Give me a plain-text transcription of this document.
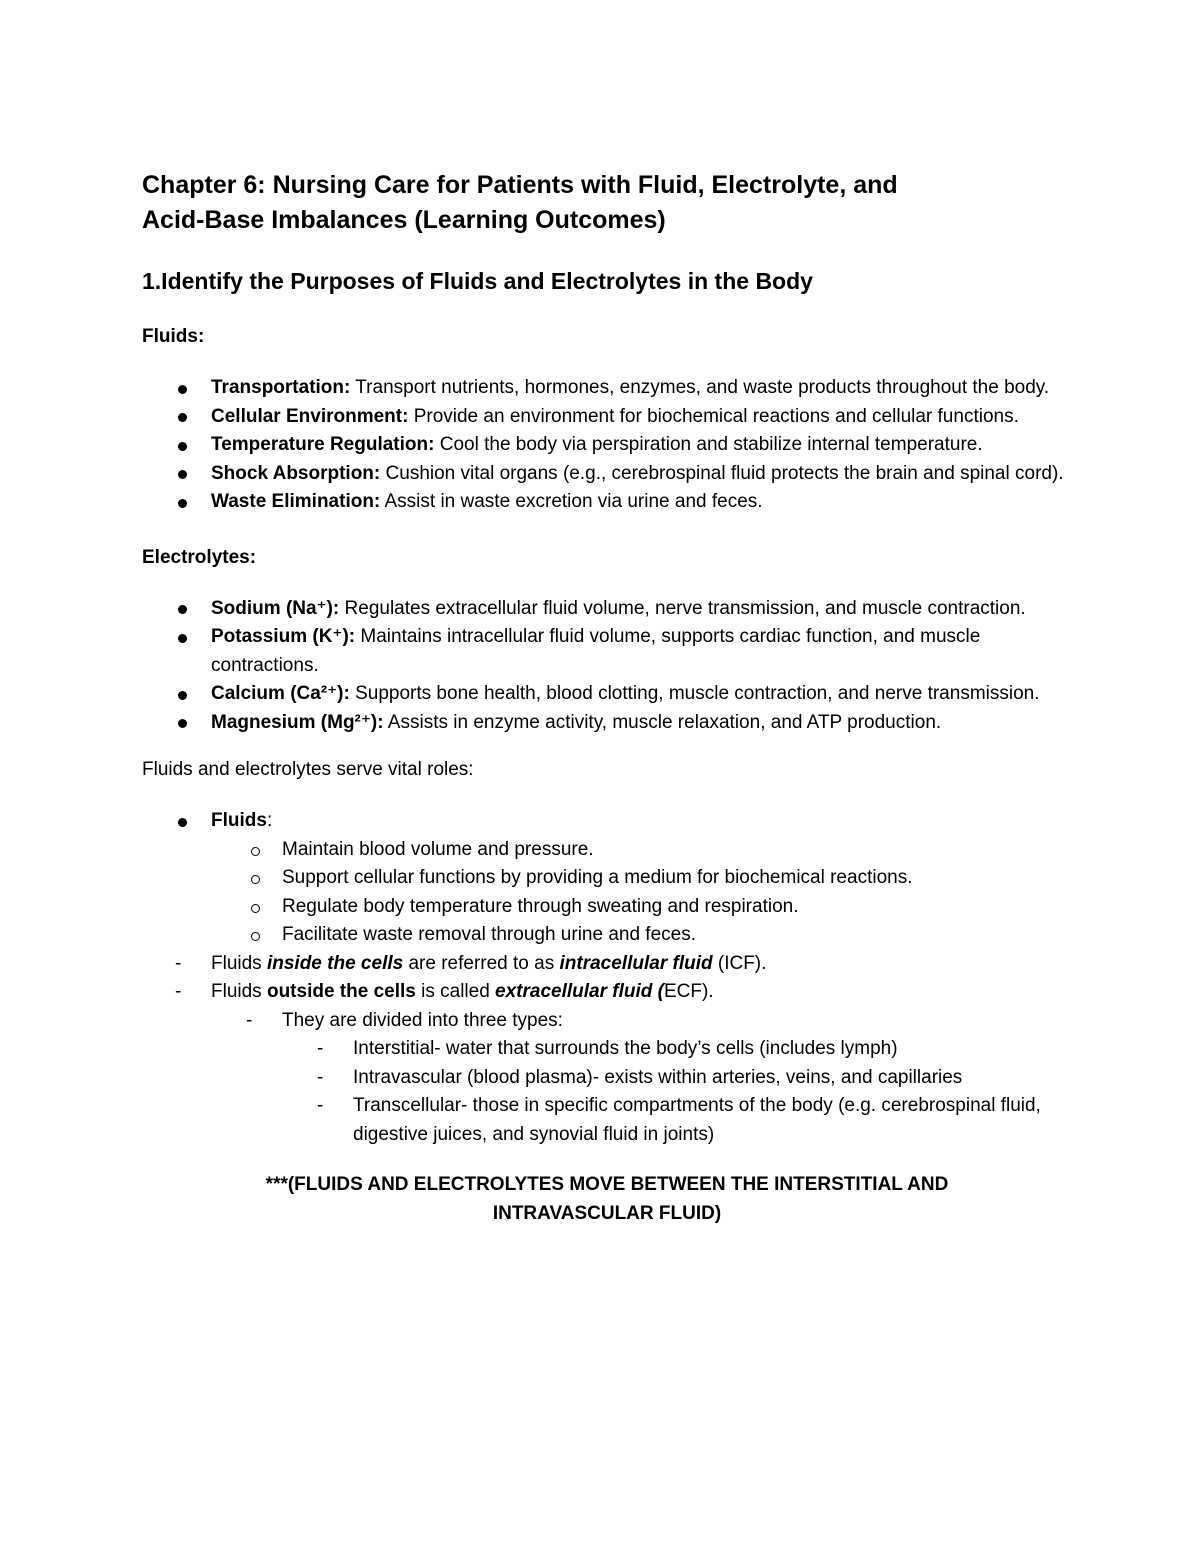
Chapter 6: Nursing Care for Patients with Fluid, Electrolyte, and
Acid-Base Imbalances (Learning Outcomes)
1.Identify the Purposes of Fluids and Electrolytes in the Body
Fluids:
Transportation: Transport nutrients, hormones, enzymes, and waste products throughout the body.
Cellular Environment: Provide an environment for biochemical reactions and cellular functions.
Temperature Regulation: Cool the body via perspiration and stabilize internal temperature.
Shock Absorption: Cushion vital organs (e.g., cerebrospinal fluid protects the brain and spinal cord).
Waste Elimination: Assist in waste excretion via urine and feces.
Electrolytes:
Sodium (Na⁺): Regulates extracellular fluid volume, nerve transmission, and muscle contraction.
Potassium (K⁺): Maintains intracellular fluid volume, supports cardiac function, and muscle contractions.
Calcium (Ca²⁺): Supports bone health, blood clotting, muscle contraction, and nerve transmission.
Magnesium (Mg²⁺): Assists in enzyme activity, muscle relaxation, and ATP production.

Fluids and electrolytes serve vital roles:

Fluids:
Maintain blood volume and pressure.
Support cellular functions by providing a medium for biochemical reactions.
Regulate body temperature through sweating and respiration.
Facilitate waste removal through urine and feces.
- Fluids inside the cells are referred to as intracellular fluid (ICF).
- Fluids outside the cells is called extracellular fluid (ECF).
- They are divided into three types:
- Interstitial- water that surrounds the body’s cells (includes lymph)
- Intravascular (blood plasma)- exists within arteries, veins, and capillaries
- Transcellular- those in specific compartments of the body (e.g. cerebrospinal fluid, digestive juices, and synovial fluid in joints)

***(FLUIDS AND ELECTROLYTES MOVE BETWEEN THE INTERSTITIAL AND
INTRAVASCULAR FLUID)
